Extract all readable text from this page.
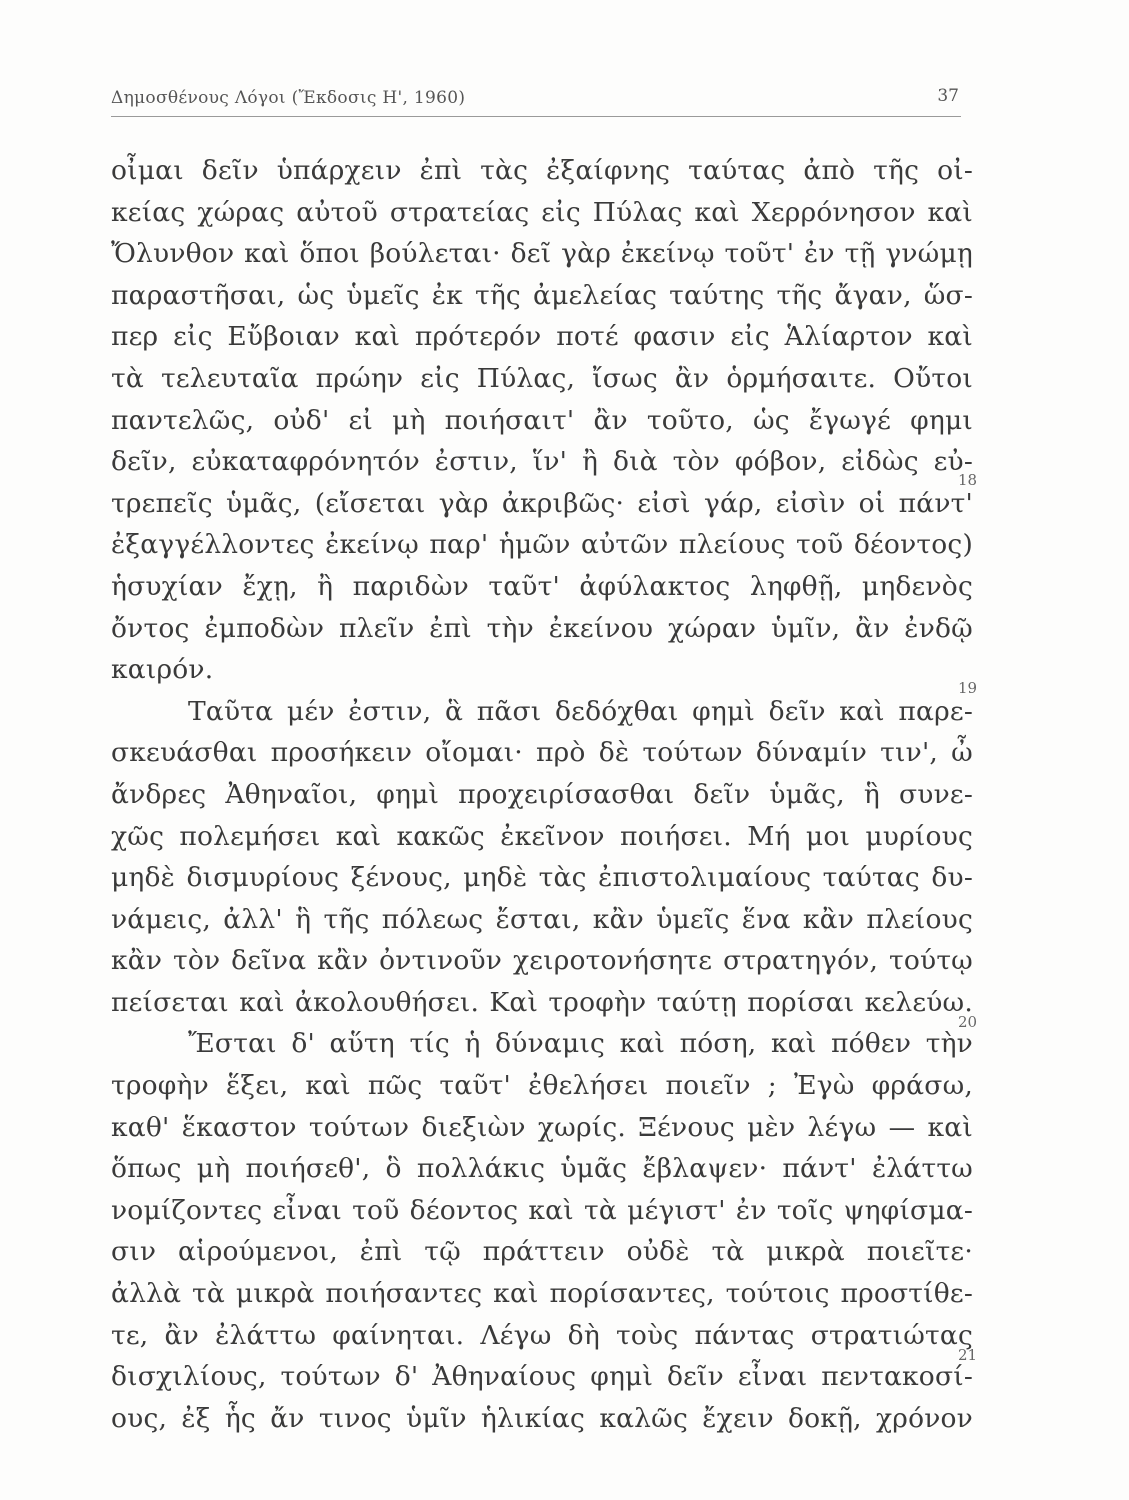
Δημοσθένους Λόγοι (Ἔκδοσις Η', 1960)	37
οἶμαι δεῖν ὑπάρχειν ἐπὶ τὰς ἐξαίφνης ταύτας ἀπὸ τῆς οἰ-
κείας χώρας αὐτοῦ στρατείας εἰς Πύλας καὶ Χερρόνησον καὶ
Ὄλυνθον καὶ ὅποι βούλεται· δεῖ γὰρ ἐκείνῳ τοῦτ' ἐν τῇ γνώμῃ
παραστῆσαι, ὡς ὑμεῖς ἐκ τῆς ἀμελείας ταύτης τῆς ἄγαν, ὥσ-
περ εἰς Εὔβοιαν καὶ πρότερόν ποτέ φασιν εἰς Ἁλίαρτον καὶ
τὰ τελευταῖα πρώην εἰς Πύλας, ἴσως ἂν ὁρμήσαιτε. Οὔτοι
παντελῶς, οὐδ' εἰ μὴ ποιήσαιτ' ἂν τοῦτο, ὡς ἔγωγέ φημι
δεῖν, εὐκαταφρόνητόν ἐστιν, ἵν' ἢ διὰ τὸν φόβον, εἰδὼς εὐ-
τρεπεῖς ὑμᾶς, (εἴσεται γὰρ ἀκριβῶς· εἰσὶ γάρ, εἰσὶν οἱ πάντ'
ἐξαγγέλλοντες ἐκείνῳ παρ' ἡμῶν αὐτῶν πλείους τοῦ δέοντος)
ἡσυχίαν ἔχῃ, ἢ παριδὼν ταῦτ' ἀφύλακτος ληφθῇ, μηδενὸς
ὄντος ἐμποδὼν πλεῖν ἐπὶ τὴν ἐκείνου χώραν ὑμῖν, ἂν ἐνδῷ
καιρόν.
Ταῦτα μέν ἐστιν, ἃ πᾶσι δεδόχθαι φημὶ δεῖν καὶ παρε-
σκευάσθαι προσήκειν οἴομαι· πρὸ δὲ τούτων δύναμίν τιν', ὦ
ἄνδρες Ἀθηναῖοι, φημὶ προχειρίσασθαι δεῖν ὑμᾶς, ἣ συνε-
χῶς πολεμήσει καὶ κακῶς ἐκεῖνον ποιήσει. Μή μοι μυρίους
μηδὲ δισμυρίους ξένους, μηδὲ τὰς ἐπιστολιμαίους ταύτας δυ-
νάμεις, ἀλλ' ἣ τῆς πόλεως ἔσται, κἂν ὑμεῖς ἕνα κἂν πλείους
κἂν τὸν δεῖνα κἂν ὀντινοῦν χειροτονήσητε στρατηγόν, τούτῳ
πείσεται καὶ ἀκολουθήσει. Καὶ τροφὴν ταύτῃ πορίσαι κελεύω.
Ἔσται δ' αὕτη τίς ἡ δύναμις καὶ πόση, καὶ πόθεν τὴν
τροφὴν ἕξει, καὶ πῶς ταῦτ' ἐθελήσει ποιεῖν ; Ἐγὼ φράσω,
καθ' ἕκαστον τούτων διεξιὼν χωρίς. Ξένους μὲν λέγω — καὶ
ὅπως μὴ ποιήσεθ', ὃ πολλάκις ὑμᾶς ἔβλαψεν· πάντ' ἐλάττω
νομίζοντες εἶναι τοῦ δέοντος καὶ τὰ μέγιστ' ἐν τοῖς ψηφίσμα-
σιν αἱρούμενοι, ἐπὶ τῷ πράττειν οὐδὲ τὰ μικρὰ ποιεῖτε·
ἀλλὰ τὰ μικρὰ ποιήσαντες καὶ πορίσαντες, τούτοις προστίθε-
τε, ἂν ἐλάττω φαίνηται. Λέγω δὴ τοὺς πάντας στρατιώτας
δισχιλίους, τούτων δ' Ἀθηναίους φημὶ δεῖν εἶναι πεντακοσί-
ους, ἐξ ἧς ἄν τινος ὑμῖν ἡλικίας καλῶς ἔχειν δοκῇ, χρόνον
18
19
20
21
